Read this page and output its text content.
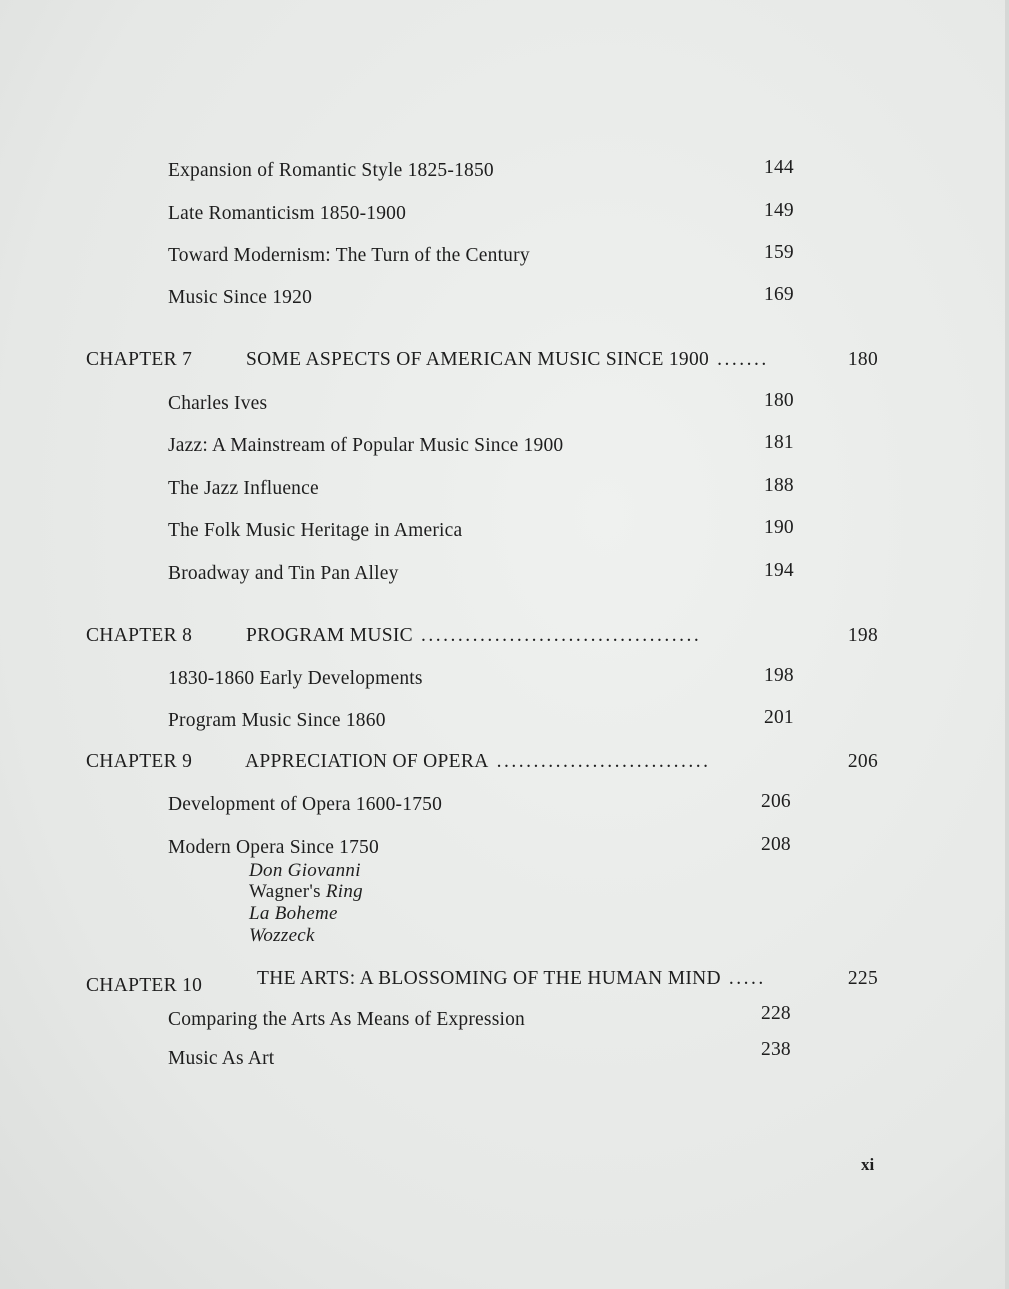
Expansion of Romantic Style 1825-1850	144
Late Romanticism 1850-1900	149
Toward Modernism: The Turn of the Century	159
Music Since 1920	169
CHAPTER 7	SOME ASPECTS OF AMERICAN MUSIC SINCE 1900 .......	180
Charles Ives	180
Jazz: A Mainstream of Popular Music Since 1900	181
The Jazz Influence	188
The Folk Music Heritage in America	190
Broadway and Tin Pan Alley	194
CHAPTER 8	PROGRAM MUSIC ......................................	198
1830-1860 Early Developments	198
Program Music Since 1860	201
CHAPTER 9	APPRECIATION OF OPERA .............................	206
Development of Opera 1600-1750	206
Modern Opera Since 1750	208
Don Giovanni
Wagner's Ring
La Boheme
Wozzeck
CHAPTER 10	THE ARTS: A BLOSSOMING OF THE HUMAN MIND .....	225
Comparing the Arts As Means of Expression	228
Music As Art	238
xi
